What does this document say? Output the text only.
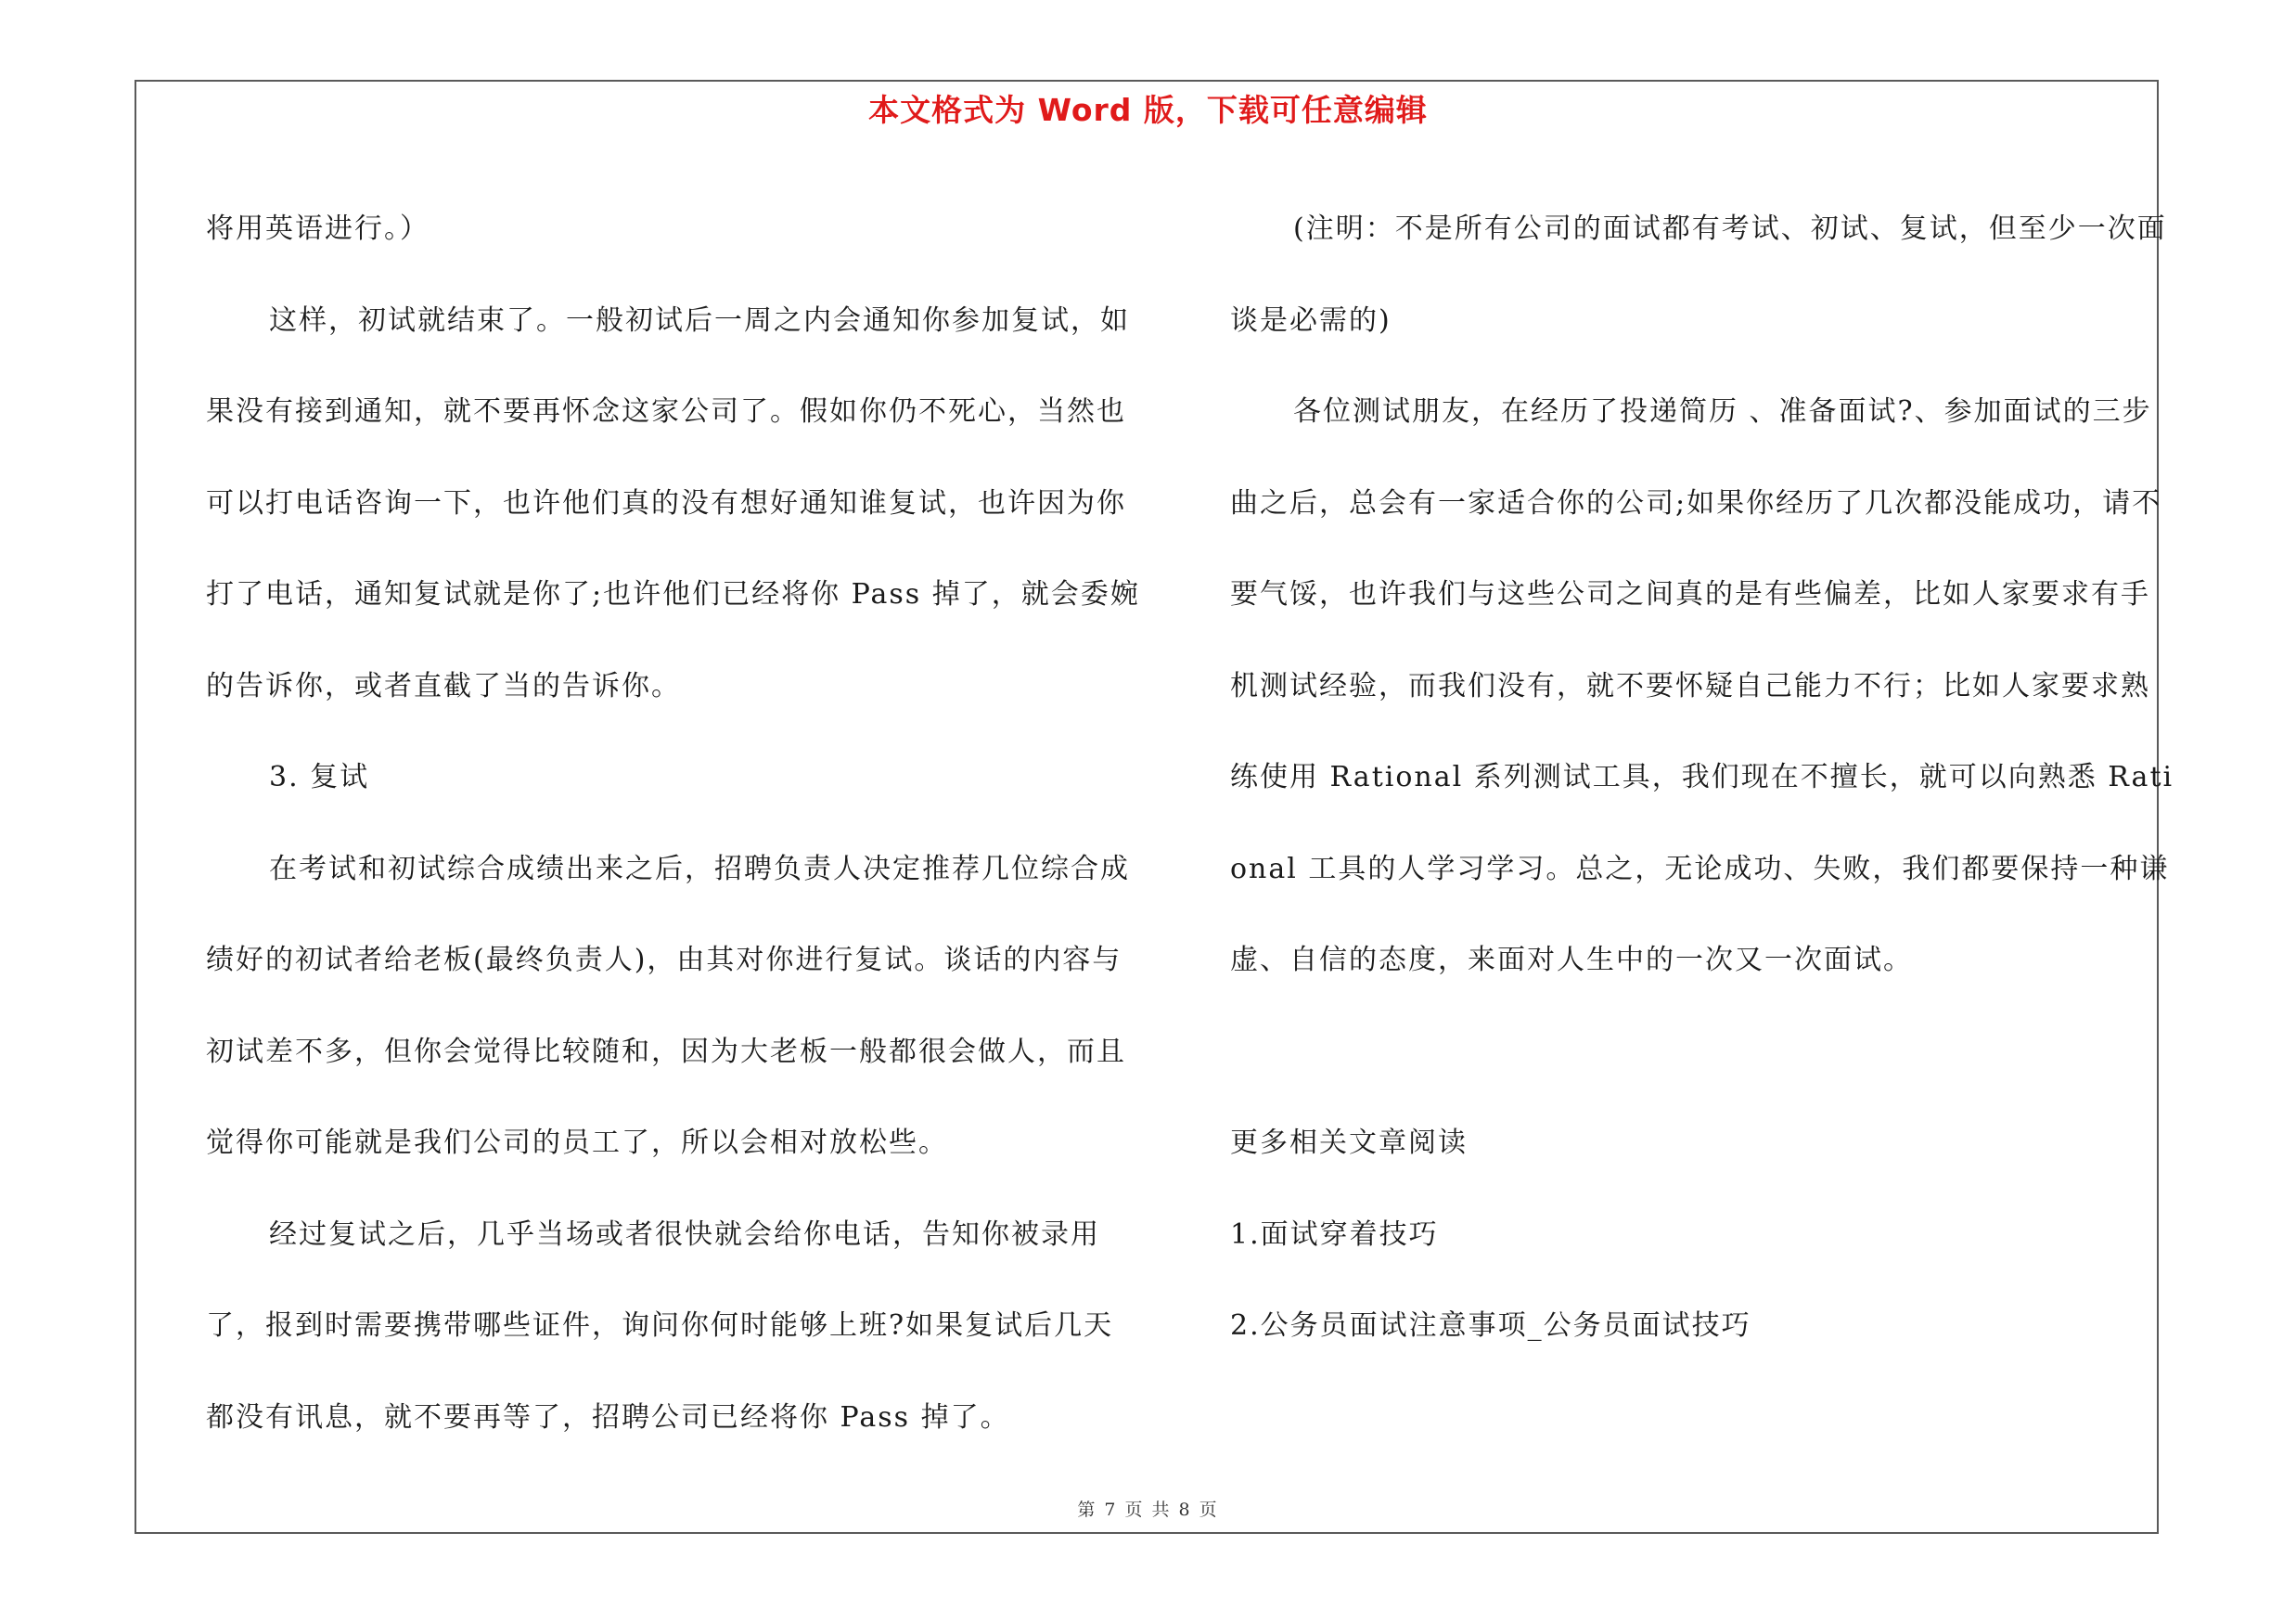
本文格式为 Word 版，下载可任意编辑

将用英语进行。）

这样，初试就结束了。一般初试后一周之内会通知你参加复试，如果没有接到通知，就不要再怀念这家公司了。假如你仍不死心，当然也可以打电话咨询一下，也许他们真的没有想好通知谁复试，也许因为你打了电话，通知复试就是你了;也许他们已经将你 Pass 掉了，就会委婉的告诉你，或者直截了当的告诉你。

3. 复试

在考试和初试综合成绩出来之后，招聘负责人决定推荐几位综合成绩好的初试者给老板(最终负责人)，由其对你进行复试。谈话的内容与初试差不多，但你会觉得比较随和，因为大老板一般都很会做人，而且觉得你可能就是我们公司的员工了，所以会相对放松些。

经过复试之后，几乎当场或者很快就会给你电话，告知你被录用了，报到时需要携带哪些证件，询问你何时能够上班?如果复试后几天都没有讯息，就不要再等了，招聘公司已经将你 Pass 掉了。

(注明：不是所有公司的面试都有考试、初试、复试，但至少一次面谈是必需的)

各位测试朋友，在经历了投递简历 、准备面试?、参加面试的三步曲之后，总会有一家适合你的公司;如果你经历了几次都没能成功，请不要气馁，也许我们与这些公司之间真的是有些偏差，比如人家要求有手机测试经验，而我们没有，就不要怀疑自己能力不行；比如人家要求熟练使用 Rational 系列测试工具，我们现在不擅长，就可以向熟悉 Rational 工具的人学习学习。总之，无论成功、失败，我们都要保持一种谦虚、自信的态度，来面对人生中的一次又一次面试。

更多相关文章阅读

1.面试穿着技巧

2.公务员面试注意事项_公务员面试技巧

第 7 页 共 8 页
